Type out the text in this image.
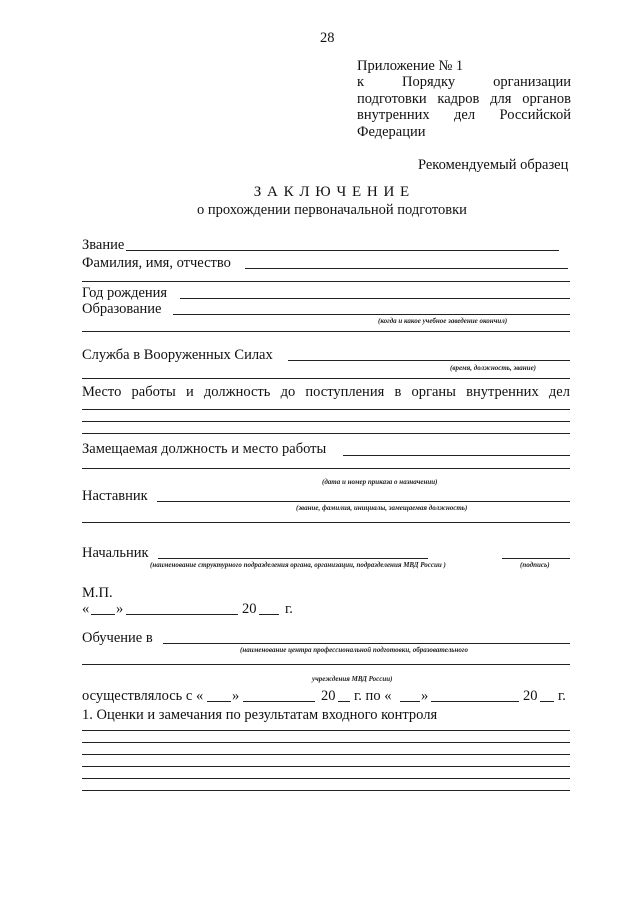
28
Приложение № 1
к	Порядку	организации
подготовки кадров для органов
внутренних дел Российской
Федерации
Рекомендуемый образец
З А К Л Ю Ч Е Н И Е
о прохождении первоначальной подготовки
Звание
Фамилия, имя, отчество
Год рождения
Образование
(когда и какое учебное заведение окончил)
Служба в Вооруженных Силах
(время, должность, звание)
Место работы и должность до поступления в органы внутренних дел
Замещаемая должность и место работы
(дата и номер приказа о назначении)
Наставник
(звание, фамилия, инициалы, замещаемая должность)
Начальник
(наименование структурного подразделения органа, организации, подразделения МВД России )	(подпись)
М.П.
« »	20 г.
Обучение в
(наименование центра профессиональной подготовки, образовательного
учреждения МВД России)
осуществлялось с « »	20 г. по « »	20 г.
1. Оценки и замечания по результатам входного контроля
